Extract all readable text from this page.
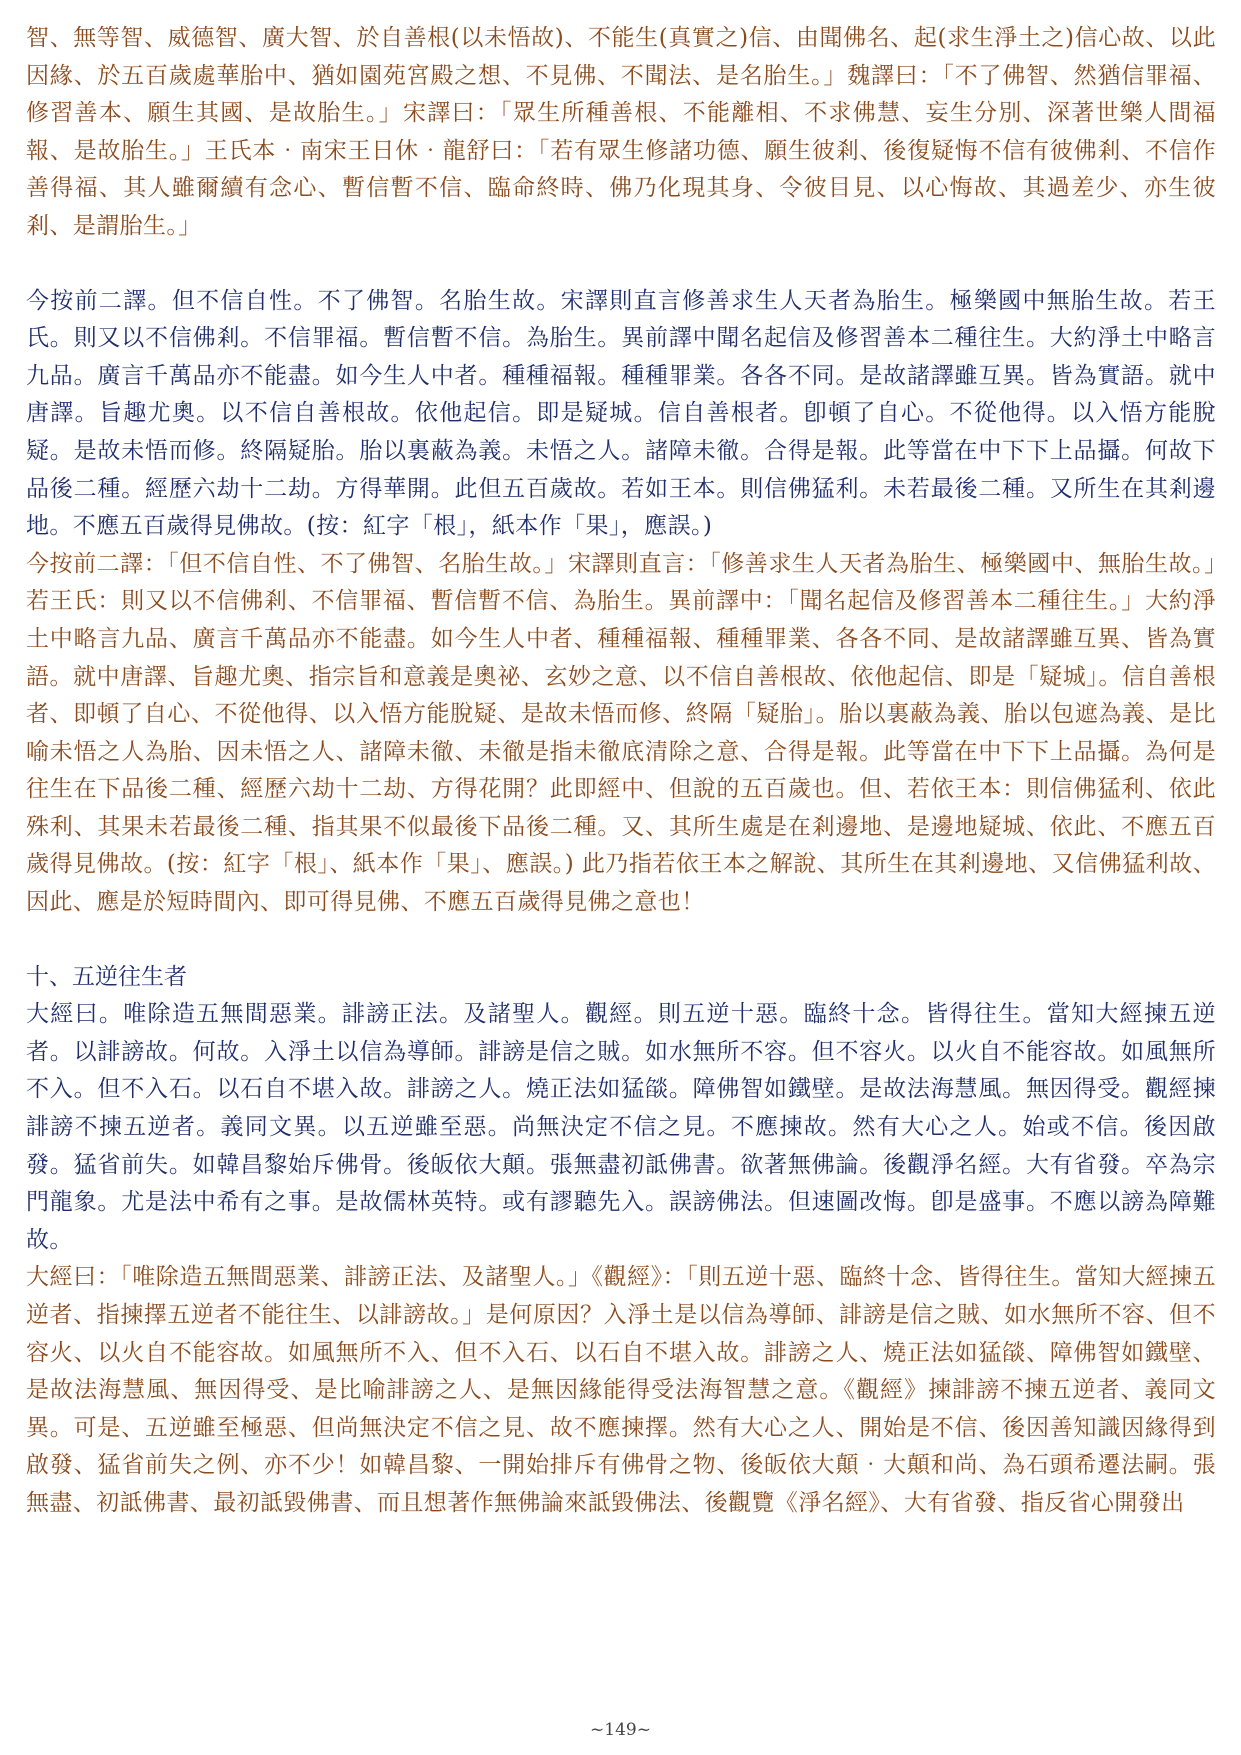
智、無等智、威德智、廣大智、於自善根(以未悟故)、不能生(真實之)信、由聞佛名、起(求生淨土之)信心故、以此因緣、於五百歲處華胎中、猶如園苑宮殿之想、不見佛、不聞法、是名胎生。」魏譯曰：「不了佛智、然猶信罪福、修習善本、願生其國、是故胎生。」宋譯曰：「眾生所種善根、不能離相、不求佛慧、妄生分別、深著世樂人間福報、是故胎生。」王氏本‧南宋王日休‧龍舒曰：「若有眾生修諸功德、願生彼剎、後復疑悔不信有彼佛剎、不信作善得福、其人雖爾續有念心、暫信暫不信、臨命終時、佛乃化現其身、令彼目見、以心悔故、其過差少、亦生彼剎、是謂胎生。」

今按前二譯。但不信自性。不了佛智。名胎生故。宋譯則直言修善求生人天者為胎生。極樂國中無胎生故。若王氏。則又以不信佛剎。不信罪福。暫信暫不信。為胎生。異前譯中聞名起信及修習善本二種往生。大約淨土中略言九品。廣言千萬品亦不能盡。如今生人中者。種種福報。種種罪業。各各不同。是故諸譯雖互異。皆為實語。就中唐譯。旨趣尤奧。以不信自善根故。依他起信。即是疑城。信自善根者。卽頓了自心。不從他得。以入悟方能脫疑。是故未悟而修。終隔疑胎。胎以裏蔽為義。未悟之人。諸障未徹。合得是報。此等當在中下下上品攝。何故下品後二種。經歷六劫十二劫。方得華開。此但五百歲故。若如王本。則信佛猛利。未若最後二種。又所生在其剎邊地。不應五百歲得見佛故。(按：紅字「根」，紙本作「果」，應誤。)

今按前二譯：「但不信自性、不了佛智、名胎生故。」宋譯則直言：「修善求生人天者為胎生、極樂國中、無胎生故。」若王氏：則又以不信佛剎、不信罪福、暫信暫不信、為胎生。異前譯中：「聞名起信及修習善本二種往生。」大約淨土中略言九品、廣言千萬品亦不能盡。如今生人中者、種種福報、種種罪業、各各不同、是故諸譯雖互異、皆為實語。就中唐譯、旨趣尤奧、指宗旨和意義是奧祕、玄妙之意、以不信自善根故、依他起信、即是「疑城」。信自善根者、即頓了自心、不從他得、以入悟方能脫疑、是故未悟而修、終隔「疑胎」。胎以裏蔽為義、胎以包遮為義、是比喻未悟之人為胎、因未悟之人、諸障未徹、未徹是指未徹底清除之意、合得是報。此等當在中下下上品攝。為何是往生在下品後二種、經歷六劫十二劫、方得花開？此即經中、但說的五百歲也。但、若依王本：則信佛猛利、依此殊利、其果未若最後二種、指其果不似最後下品後二種。又、其所生處是在剎邊地、是邊地疑城、依此、不應五百歲得見佛故。(按：紅字「根」、紙本作「果」、應誤。) 此乃指若依王本之解說、其所生在其剎邊地、又信佛猛利故、因此、應是於短時間內、即可得見佛、不應五百歲得見佛之意也！

十、五逆往生者

大經曰。唯除造五無間惡業。誹謗正法。及諸聖人。觀經。則五逆十惡。臨終十念。皆得往生。當知大經揀五逆者。以誹謗故。何故。入淨土以信為導師。誹謗是信之賊。如水無所不容。但不容火。以火自不能容故。如風無所不入。但不入石。以石自不堪入故。誹謗之人。燒正法如猛燄。障佛智如鐵壁。是故法海慧風。無因得受。觀經揀誹謗不揀五逆者。義同文異。以五逆雖至惡。尚無決定不信之見。不應揀故。然有大心之人。始或不信。後因啟發。猛省前失。如韓昌黎始斥佛骨。後皈依大顛。張無盡初詆佛書。欲著無佛論。後觀淨名經。大有省發。卒為宗門龍象。尤是法中希有之事。是故儒林英特。或有謬聽先入。誤謗佛法。但速圖改悔。卽是盛事。不應以謗為障難故。

大經曰：「唯除造五無間惡業、誹謗正法、及諸聖人。」《觀經》：「則五逆十惡、臨終十念、皆得往生。當知大經揀五逆者、指揀擇五逆者不能往生、以誹謗故。」是何原因？入淨土是以信為導師、誹謗是信之賊、如水無所不容、但不容火、以火自不能容故。如風無所不入、但不入石、以石自不堪入故。誹謗之人、燒正法如猛燄、障佛智如鐵壁、是故法海慧風、無因得受、是比喻誹謗之人、是無因緣能得受法海智慧之意。《觀經》揀誹謗不揀五逆者、義同文異。可是、五逆雖至極惡、但尚無決定不信之見、故不應揀擇。然有大心之人、開始是不信、後因善知識因緣得到啟發、猛省前失之例、亦不少！如韓昌黎、一開始排斥有佛骨之物、後皈依大顛‧大顛和尚、為石頭希遷法嗣。張無盡、初詆佛書、最初詆毀佛書、而且想著作無佛論來詆毀佛法、後觀覽《淨名經》、大有省發、指反省心開發出

~149~
